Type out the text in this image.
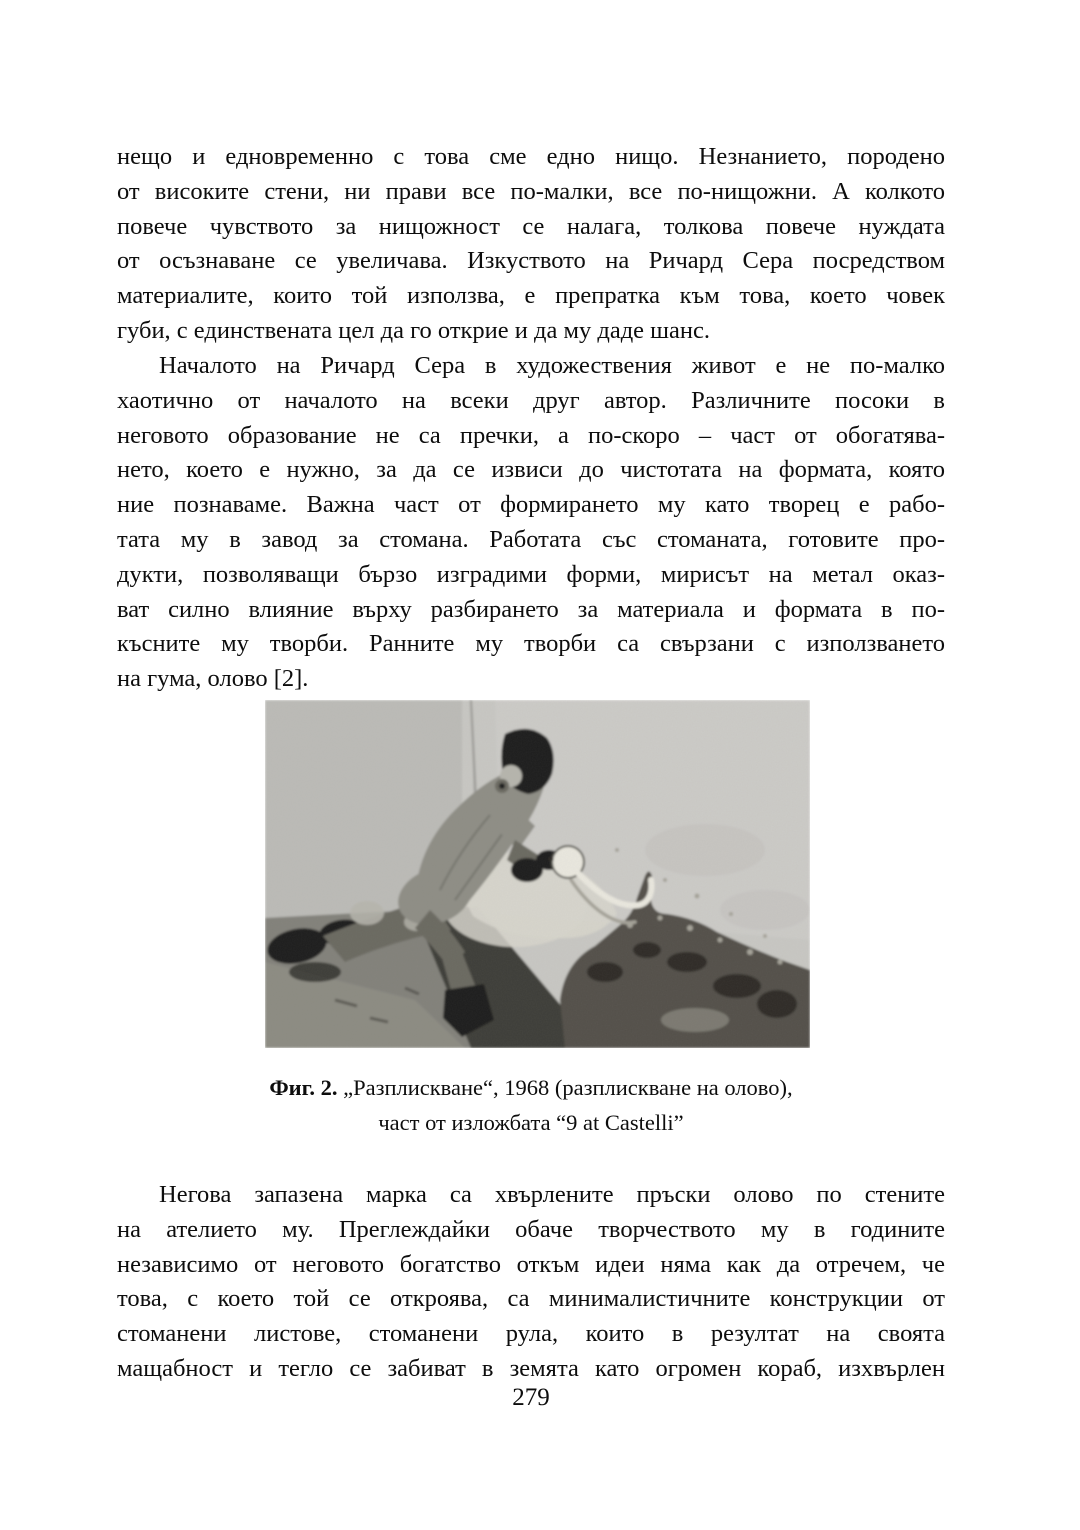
нещо и едновременно с това сме едно нищо. Незнанието, породено
от високите стени, ни прави все по-малки, все по-нищожни. А колкото
повече чувството за нищожност се налага, толкова повече нуждата
от осъзнаване се увеличава. Изкуството на Ричард Сера посредством
материалите, които той използва, е препратка към това, което човек
губи, с единствената цел да го открие и да му даде шанс.
Началото на Ричард Сера в художествения живот е не по-малко
хаотично от началото на всеки друг автор. Различните посоки в
неговото образование не са пречки, а по-скоро – част от обогатява-
нето, което е нужно, за да се извиси до чистотата на формата, която
ние познаваме. Важна част от формирането му като творец е рабо-
тата му в завод за стомана. Работата със стоманата, готовите про-
дукти, позволяващи бързо изградими форми, мирисът на метал оказ-
ват силно влияние върху разбирането за материала и формата в по-
късните му творби. Ранните му творби са свързани с използването
на гума, олово [2].
Фиг. 2. „Разплискване“, 1968 (разплискване на олово),
част от изложбата “9 at Castelli”
Негова запазена марка са хвърлените пръски олово по стените
на ателието му. Преглеждайки обаче творчеството му в годините
независимо от неговото богатство откъм идеи няма как да отречем, че
това, с което той се откроява, са минималистичните конструкции от
стоманени листове, стоманени рула, които в резултат на своята
мащабност и тегло се забиват в земята като огромен кораб, изхвърлен
279
